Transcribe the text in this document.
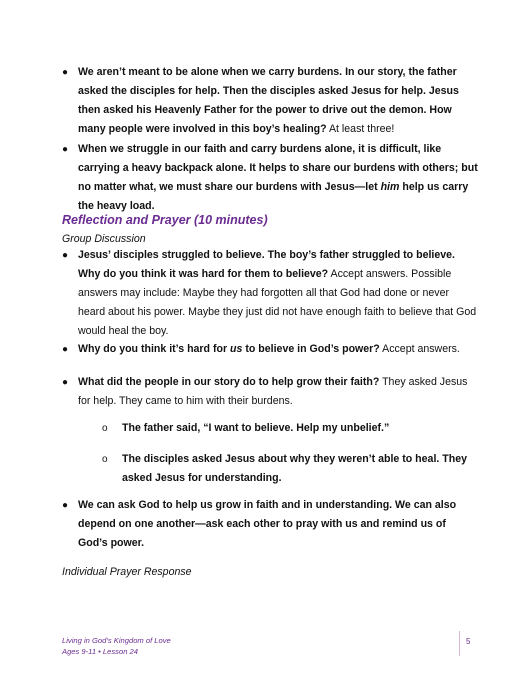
● We aren’t meant to be alone when we carry burdens. In our story, the father asked the disciples for help. Then the disciples asked Jesus for help. Jesus then asked his Heavenly Father for the power to drive out the demon. How many people were involved in this boy’s healing? At least three!
● When we struggle in our faith and carry burdens alone, it is difficult, like carrying a heavy backpack alone. It helps to share our burdens with others; but no matter what, we must share our burdens with Jesus—let him help us carry the heavy load.
Reflection and Prayer (10 minutes)
Group Discussion
● Jesus’ disciples struggled to believe. The boy’s father struggled to believe. Why do you think it was hard for them to believe? Accept answers. Possible answers may include: Maybe they had forgotten all that God had done or never heard about his power. Maybe they just did not have enough faith to believe that God would heal the boy.
● Why do you think it’s hard for us to believe in God’s power? Accept answers.
● What did the people in our story do to help grow their faith? They asked Jesus for help. They came to him with their burdens.
o The father said, “I want to believe. Help my unbelief.”
o The disciples asked Jesus about why they weren’t able to heal. They asked Jesus for understanding.
● We can ask God to help us grow in faith and in understanding. We can also depend on one another—ask each other to pray with us and remind us of God’s power.
Individual Prayer Response
Living in God’s Kingdom of Love
Ages 9-11 • Lesson 24
5
